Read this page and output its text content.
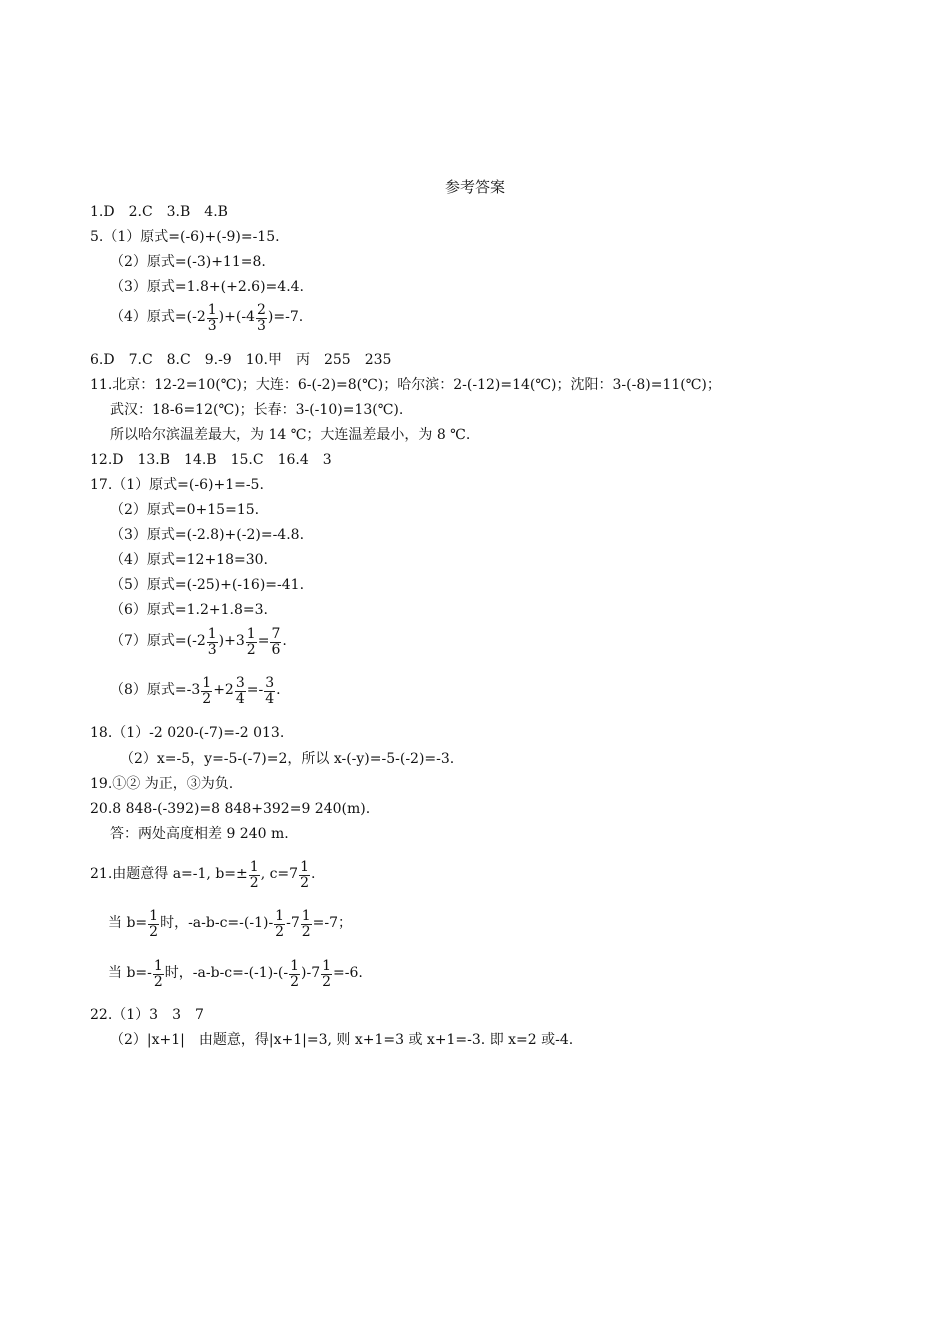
参考答案
1.D　2.C　3.B　4.B
5.（1）原式=(-6)+(-9)=-15.
（2）原式=(-3)+11=8.
（3）原式=1.8+(+2.6)=4.4.
（4）原式$=(-2 \frac{1}{3} )+(-4 \frac{2}{3} )=-7$.
6.D　7.C　8.C　9.-9　10.甲　丙　255　235
11.北京：12-2=10(℃)；大连：6-(-2)=8(℃)；哈尔滨：2-(-12)=14(℃)；沈阳：3-(-8)=11(℃)；
武汉：18-6=12(℃)；长春：3-(-10)=13(℃).
所以哈尔滨温差最大，为 14 ℃；大连温差最小，为 8 ℃.
12.D　13.B　14.B　15.C　16.4　3
17.（1）原式=(-6)+1=-5.
（2）原式=0+15=15.
（3）原式=(-2.8)+(-2)=-4.8.
（4）原式=12+18=30.
（5）原式=(-25)+(-16)=-41.
（6）原式=1.2+1.8=3.
（7）原式$=(-2 \frac{1}{3} )+3 \frac{1}{2} = \frac{7}{6}$ .
（8）原式$=-3 \frac{1}{2} +2 \frac{3}{4} =- \frac{3}{4}$ .
18.（1）-2 020-(-7)=-2 013.
（2）x=-5，y=-5-(-7)=2，所以 x-(-y)=-5-(-2)=-3.
19.①② 为正，③为负.
20.8 848-(-392)=8 848+392=9 240(m).
答：两处高度相差 9 240 m.
21.由题意得 a=-1, $b=\pm \frac{1}{2}$ , $c=7 \frac{1}{2}$ .
当 $b= \frac{1}{2}$ 时，$-a-b-c=-(-1)- \frac{1}{2} -7 \frac{1}{2} =-7$；
当 $b=- \frac{1}{2}$ 时，$-a-b-c=-(-1)-(- \frac{1}{2} )-7 \frac{1}{2} =-6$.
22.（1）3　3　7
（2）|x+1|　由题意，得|x+1|=3, 则 x+1=3 或 x+1=-3. 即 x=2 或-4.
